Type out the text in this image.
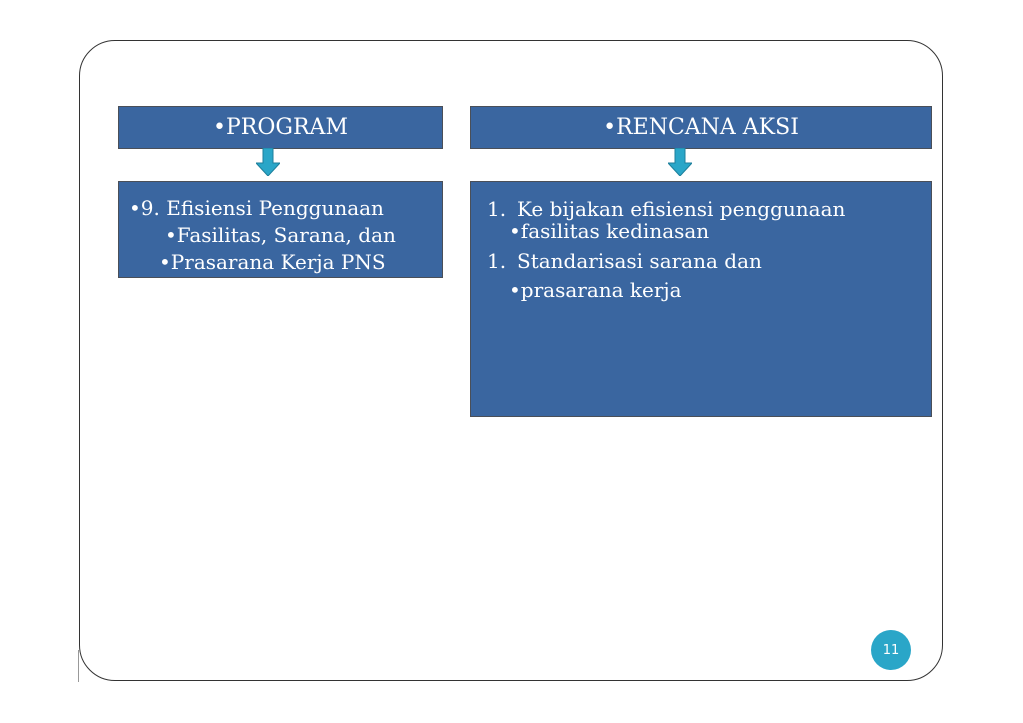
•PROGRAM
•9. Efisiensi Penggunaan
•Fasilitas, Sarana, dan
•Prasarana Kerja PNS
•RENCANA AKSI
1. Ke bijakan efisiensi penggunaan
•fasilitas kedinasan
1. Standarisasi sarana dan
•prasarana kerja
11
